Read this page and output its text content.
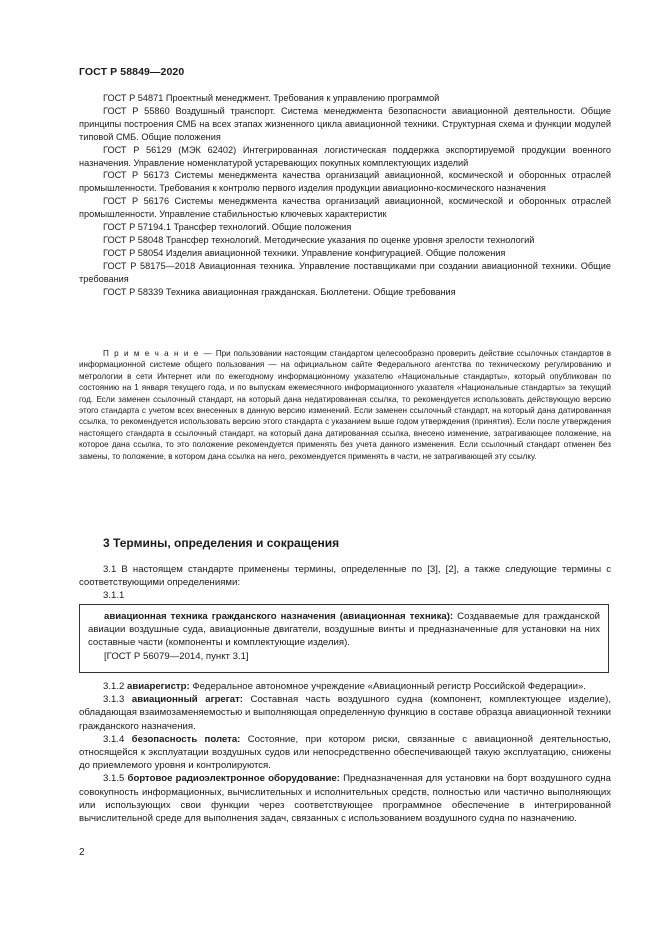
ГОСТ Р 58849—2020

ГОСТ Р 54871 Проектный менеджмент. Требования к управлению программой

ГОСТ Р 55860 Воздушный транспорт. Система менеджмента безопасности авиационной деятельности. Общие принципы построения СМБ на всех этапах жизненного цикла авиационной техники. Структурная схема и функции модулей типовой СМБ. Общие положения

ГОСТ Р 56129 (МЭК 62402) Интегрированная логистическая поддержка экспортируемой продукции военного назначения. Управление номенклатурой устаревающих покупных комплектующих изделий

ГОСТ Р 56173 Системы менеджмента качества организаций авиационной, космической и оборонных отраслей промышленности. Требования к контролю первого изделия продукции авиационно-космического назначения

ГОСТ Р 56176 Системы менеджмента качества организаций авиационной, космической и оборонных отраслей промышленности. Управление стабильностью ключевых характеристик

ГОСТ Р 57194.1 Трансфер технологий. Общие положения

ГОСТ Р 58048 Трансфер технологий. Методические указания по оценке уровня зрелости технологий

ГОСТ Р 58054 Изделия авиационной техники. Управление конфигурацией. Общие положения

ГОСТ Р 58175—2018 Авиационная техника. Управление поставщиками при создании авиационной техники. Общие требования

ГОСТ Р 58339 Техника авиационная гражданская. Бюллетени. Общие требования

П р и м е ч а н и е — При пользовании настоящим стандартом целесообразно проверить действие ссылочных стандартов в информационной системе общего пользования — на официальном сайте Федерального агентства по техническому регулированию и метрологии в сети Интернет или по ежегодному информационному указателю «Национальные стандарты», который опубликован по состоянию на 1 января текущего года, и по выпускам ежемесячного информационного указателя «Национальные стандарты» за текущий год. Если заменен ссылочный стандарт, на который дана недатированная ссылка, то рекомендуется использовать действующую версию этого стандарта с учетом всех внесенных в данную версию изменений. Если заменен ссылочный стандарт, на который дана датированная ссылка, то рекомендуется использовать версию этого стандарта с указанием выше годом утверждения (принятия). Если после утверждения настоящего стандарта в ссылочный стандарт, на который дана датированная ссылка, внесено изменение, затрагивающее положение, на которое дана ссылка, то это положение рекомендуется применять без учета данного изменения. Если ссылочный стандарт отменен без замены, то положение, в котором дана ссылка на него, рекомендуется применять в части, не затрагивающей эту ссылку.

3 Термины, определения и сокращения

3.1 В настоящем стандарте применены термины, определенные по [3], [2], а также следующие термины с соответствующими определениями:

3.1.1

авиационная техника гражданского назначения (авиационная техника): Создаваемые для гражданской авиации воздушные суда, авиационные двигатели, воздушные винты и предназначенные для установки на них составные части (компоненты и комплектующие изделия).

[ГОСТ Р 56079—2014, пункт 3.1]

3.1.2 авиарегистр: Федеральное автономное учреждение «Авиационный регистр Российской Федерации».

3.1.3 авиационный агрегат: Составная часть воздушного судна (компонент, комплектующее изделие), обладающая взаимозаменяемостью и выполняющая определенную функцию в составе образца авиационной техники гражданского назначения.

3.1.4 безопасность полета: Состояние, при котором риски, связанные с авиационной деятельностью, относящейся к эксплуатации воздушных судов или непосредственно обеспечивающей такую эксплуатацию, снижены до приемлемого уровня и контролируются.

3.1.5 бортовое радиоэлектронное оборудование: Предназначенная для установки на борт воздушного судна совокупность информационных, вычислительных и исполнительных средств, полностью или частично выполняющих или использующих свои функции через соответствующее программное обеспечение в интегрированной вычислительной среде для выполнения задач, связанных с использованием воздушного судна по назначению.

2
